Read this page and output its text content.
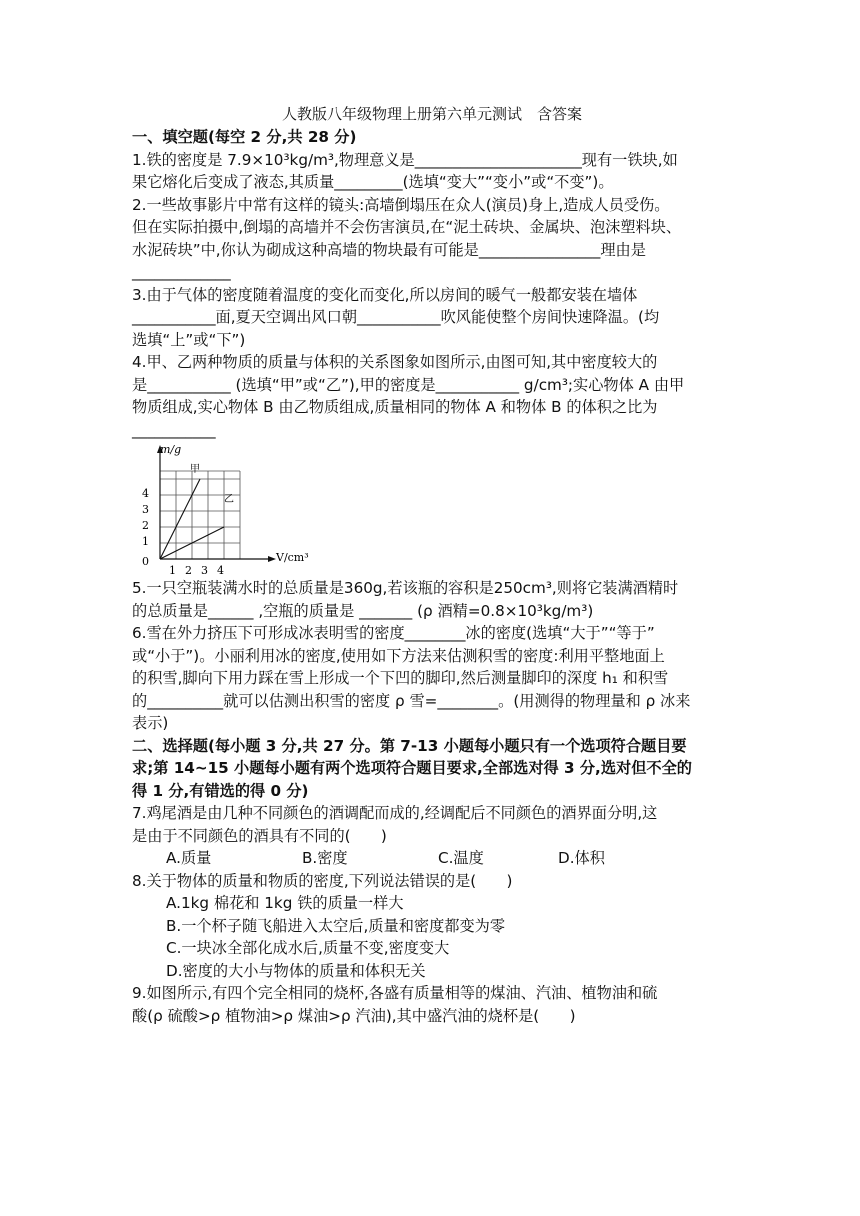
人教版八年级物理上册第六单元测试　含答案
一、填空题(每空 2 分,共 28 分)
1.铁的密度是 7.9×10³kg/m³,物理意义是______________________现有一铁块,如
果它熔化后变成了液态,其质量_________(选填“变大”“变小”或“不变”)。
2.一些故事影片中常有这样的镜头:高墙倒塌压在众人(演员)身上,造成人员受伤。
但在实际拍摄中,倒塌的高墙并不会伤害演员,在“泥土砖块、金属块、泡沫塑料块、
水泥砖块”中,你认为砌成这种高墙的物块最有可能是________________理由是
_____________
3.由于气体的密度随着温度的变化而变化,所以房间的暖气一般都安装在墙体
___________面,夏天空调出风口朝___________吹风能使整个房间快速降温。(均
选填“上”或“下”)
4.甲、乙两种物质的质量与体积的关系图象如图所示,由图可知,其中密度较大的
是___________ (选填“甲”或“乙”),甲的密度是___________ g/cm³;实心物体 A 由甲
物质组成,实心物体 B 由乙物质组成,质量相同的物体 A 和物体 B 的体积之比为
___________
m/g
V/cm³
4
3
2
1
0
1 2 3 4
甲
乙
5.一只空瓶装满水时的总质量是360g,若该瓶的容积是250cm³,则将它装满酒精时
的总质量是______ ,空瓶的质量是 _______ (ρ 酒精=0.8×10³kg/m³)
6.雪在外力挤压下可形成冰表明雪的密度________冰的密度(选填“大于”“等于”
或“小于”)。小丽利用冰的密度,使用如下方法来估测积雪的密度:利用平整地面上
的积雪,脚向下用力踩在雪上形成一个下凹的脚印,然后测量脚印的深度 h₁ 和积雪
的__________就可以估测出积雪的密度 ρ 雪=________。(用测得的物理量和 ρ 冰来
表示)
二、选择题(每小题 3 分,共 27 分。第 7-13 小题每小题只有一个选项符合题目要
求;第 14~15 小题每小题有两个选项符合题目要求,全部选对得 3 分,选对但不全的
得 1 分,有错选的得 0 分)
7.鸡尾酒是由几种不同颜色的酒调配而成的,经调配后不同颜色的酒界面分明,这
是由于不同颜色的酒具有不同的(　　)
A.质量	B.密度	C.温度	D.体积
8.关于物体的质量和物质的密度,下列说法错误的是(　　)
A.1kg 棉花和 1kg 铁的质量一样大
B.一个杯子随飞船进入太空后,质量和密度都变为零
C.一块冰全部化成水后,质量不变,密度变大
D.密度的大小与物体的质量和体积无关
9.如图所示,有四个完全相同的烧杯,各盛有质量相等的煤油、汽油、植物油和硫
酸(ρ 硫酸>ρ 植物油>ρ 煤油>ρ 汽油),其中盛汽油的烧杯是(　　)
